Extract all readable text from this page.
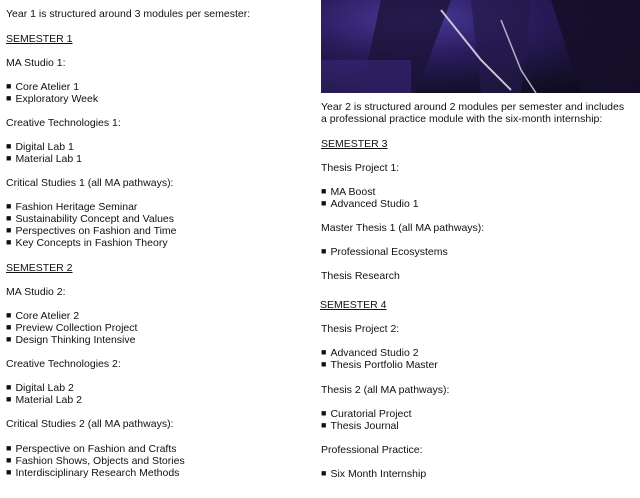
Year 1 is structured around 3 modules per semester:
SEMESTER 1
MA Studio 1:
■ Core Atelier 1
■ Exploratory Week
Creative Technologies 1:
■ Digital Lab 1
■ Material Lab 1
Critical Studies 1 (all MA pathways):
■ Fashion Heritage Seminar
■ Sustainability Concept and Values
■ Perspectives on Fashion and Time
■ Key Concepts in Fashion Theory
SEMESTER 2
MA Studio 2:
■ Core Atelier 2
■ Preview Collection Project
■ Design Thinking Intensive
Creative Technologies 2:
■ Digital Lab 2
■ Material Lab 2
Critical Studies 2 (all MA pathways):
■ Perspective on Fashion and Crafts
■ Fashion Shows, Objects and Stories
■ Interdisciplinary Research Methods
Year 2 is structured around 2 modules per semester and includes a professional practice module with the six-month internship:
SEMESTER 3
Thesis Project 1:
■ MA Boost
■ Advanced Studio 1
Master Thesis 1 (all MA pathways):
■ Professional Ecosystems
Thesis Research
SEMESTER 4
Thesis Project 2:
■ Advanced Studio 2
■ Thesis Portfolio Master
Thesis 2 (all MA pathways):
■ Curatorial Project
■ Thesis Journal
Professional Practice:
■ Six Month Internship
